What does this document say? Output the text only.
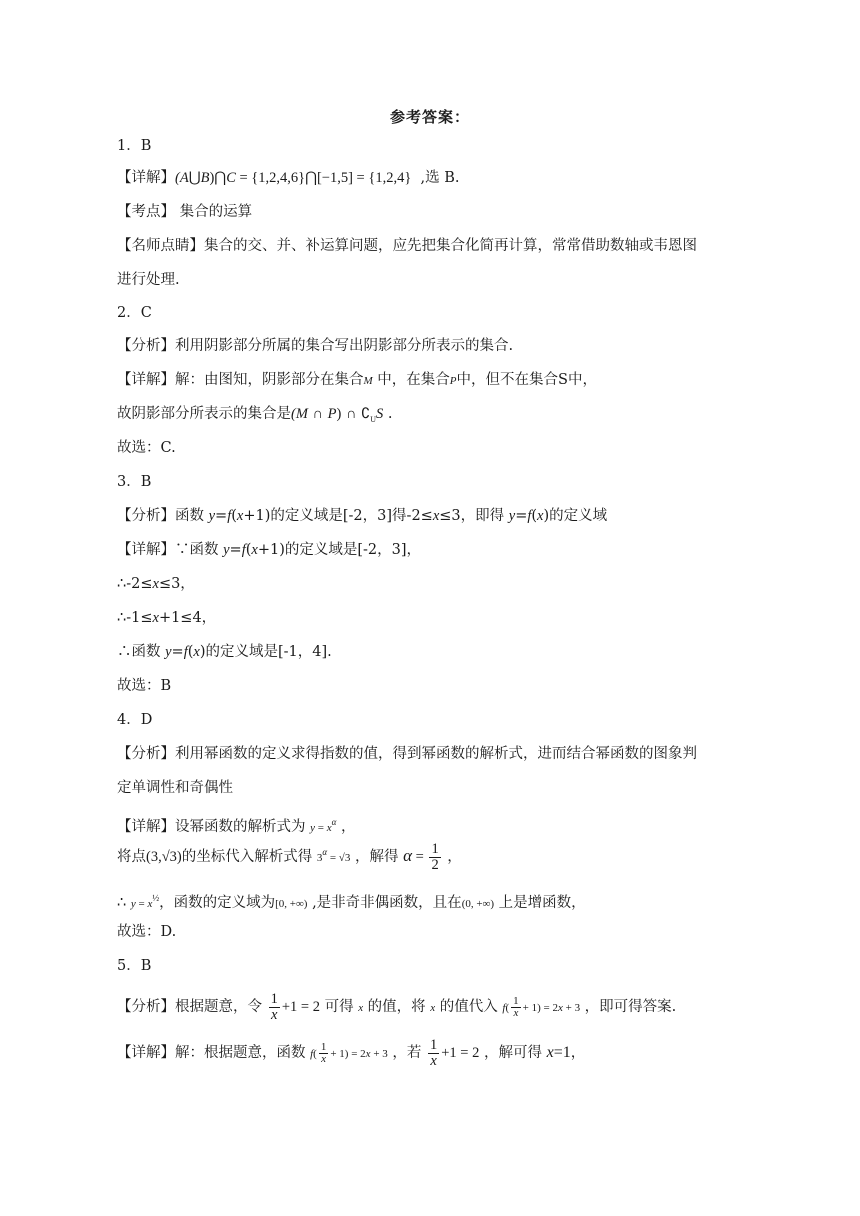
参考答案：
1．B
【详解】(A⋃B)⋂C = {1,2,4,6}⋂[−1,5] = {1,2,4}  ,选 B.
【考点】 集合的运算
【名师点睛】集合的交、并、补运算问题，应先把集合化简再计算，常常借助数轴或韦恩图
进行处理.
2．C
【分析】利用阴影部分所属的集合写出阴影部分所表示的集合.
【详解】解：由图知，阴影部分在集合M 中，在集合P中，但不在集合S中，
故阴影部分所表示的集合是(M ∩ P) ∩ $∁_US$ .
故选：C.
3．B
【分析】函数 y=f(x+1)的定义域是[-2，3]得-2≤x≤3，即得 y=f(x)的定义域
【详解】∵函数 y=f(x+1)的定义域是[-2，3]，
∴-2≤x≤3，
∴-1≤x+1≤4，
∴函数 y=f(x)的定义域是[-1，4].
故选：B
4．D
【分析】利用幂函数的定义求得指数的值，得到幂函数的解析式，进而结合幂函数的图象判
定单调性和奇偶性
【详解】设幂函数的解析式为 $y = x^\alpha$ ，
将点(3,√3)的坐标代入解析式得 $3^\alpha = √3$ ，解得 $\alpha = \frac{1}{2}$ ，
∴ $y = x^{\frac{1}{2}}$，函数的定义域为[0, +∞) ,是非奇非偶函数，且在(0, +∞) 上是增函数，
故选：D.
5．B
【分析】根据题意，令 $\frac{1}{x} +1 = 2$ 可得 x 的值，将 x 的值代入 $f( \frac{1}{x} + 1) = 2x + 3$ ，即可得答案.
【详解】解：根据题意，函数 $f( \frac{1}{x} + 1) = 2x + 3$ ，若 $\frac{1}{x} +1 = 2$ ，解可得 x=1，
